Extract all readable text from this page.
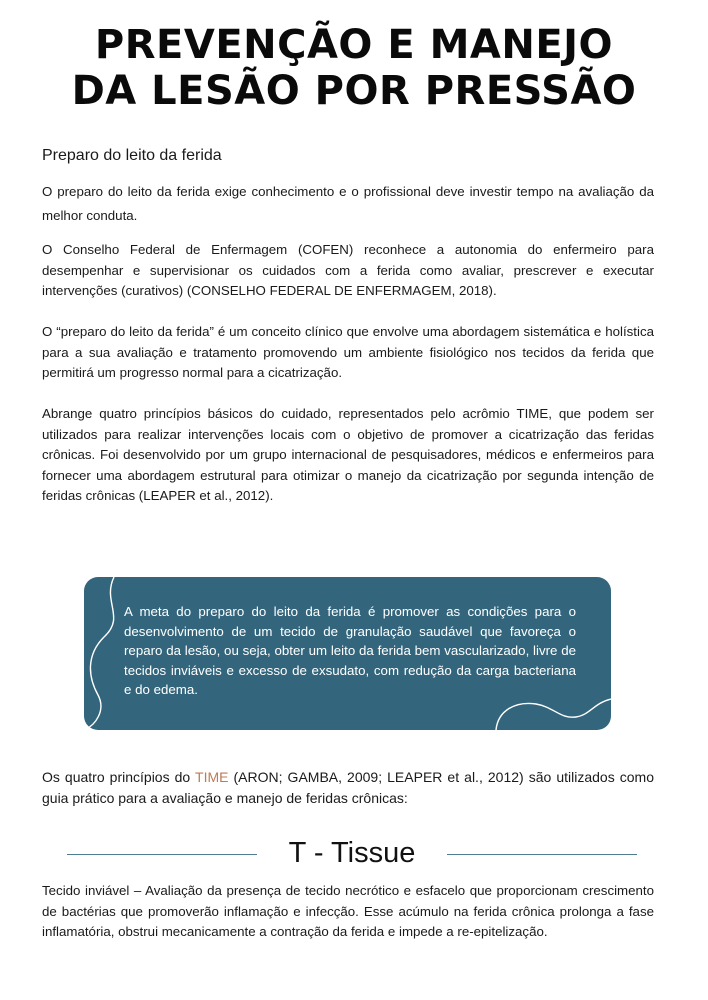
PREVENÇÃO E MANEJO
DA LESÃO POR PRESSÃO
Preparo do leito da ferida

O preparo do leito da ferida exige conhecimento e o profissional deve investir tempo na avaliação da melhor conduta.

O Conselho Federal de Enfermagem (COFEN) reconhece a autonomia do enfermeiro para desempenhar e supervisionar os cuidados com a ferida como avaliar, prescrever e executar intervenções (curativos) (CONSELHO FEDERAL DE ENFERMAGEM, 2018).

O “preparo do leito da ferida” é um conceito clínico que envolve uma abordagem sistemática e holística para a sua avaliação e tratamento promovendo um ambiente fisiológico nos tecidos da ferida que permitirá um progresso normal para a cicatrização.

Abrange quatro princípios básicos do cuidado, representados pelo acrômio TIME, que podem ser utilizados para realizar intervenções locais com o objetivo de promover a cicatrização das feridas crônicas. Foi desenvolvido por um grupo internacional de pesquisadores, médicos e enfermeiros para fornecer uma abordagem estrutural para otimizar o manejo da cicatrização por segunda intenção de feridas crônicas (LEAPER et al., 2012).

A meta do preparo do leito da ferida é promover as condições para o desenvolvimento de um tecido de granulação saudável que favoreça o reparo da lesão, ou seja, obter um leito da ferida bem vascularizado, livre de tecidos inviáveis e excesso de exsudato, com redução da carga bacteriana e do edema.

Os quatro princípios do TIME (ARON; GAMBA, 2009; LEAPER et al., 2012) são utilizados como guia prático para a avaliação e manejo de feridas crônicas:

T - Tissue

Tecido inviável – Avaliação da presença de tecido necrótico e esfacelo que proporcionam crescimento de bactérias que promoverão inflamação e infecção. Esse acúmulo na ferida crônica prolonga a fase inflamatória, obstrui mecanicamente a contração da ferida e impede a re-epitelização.
